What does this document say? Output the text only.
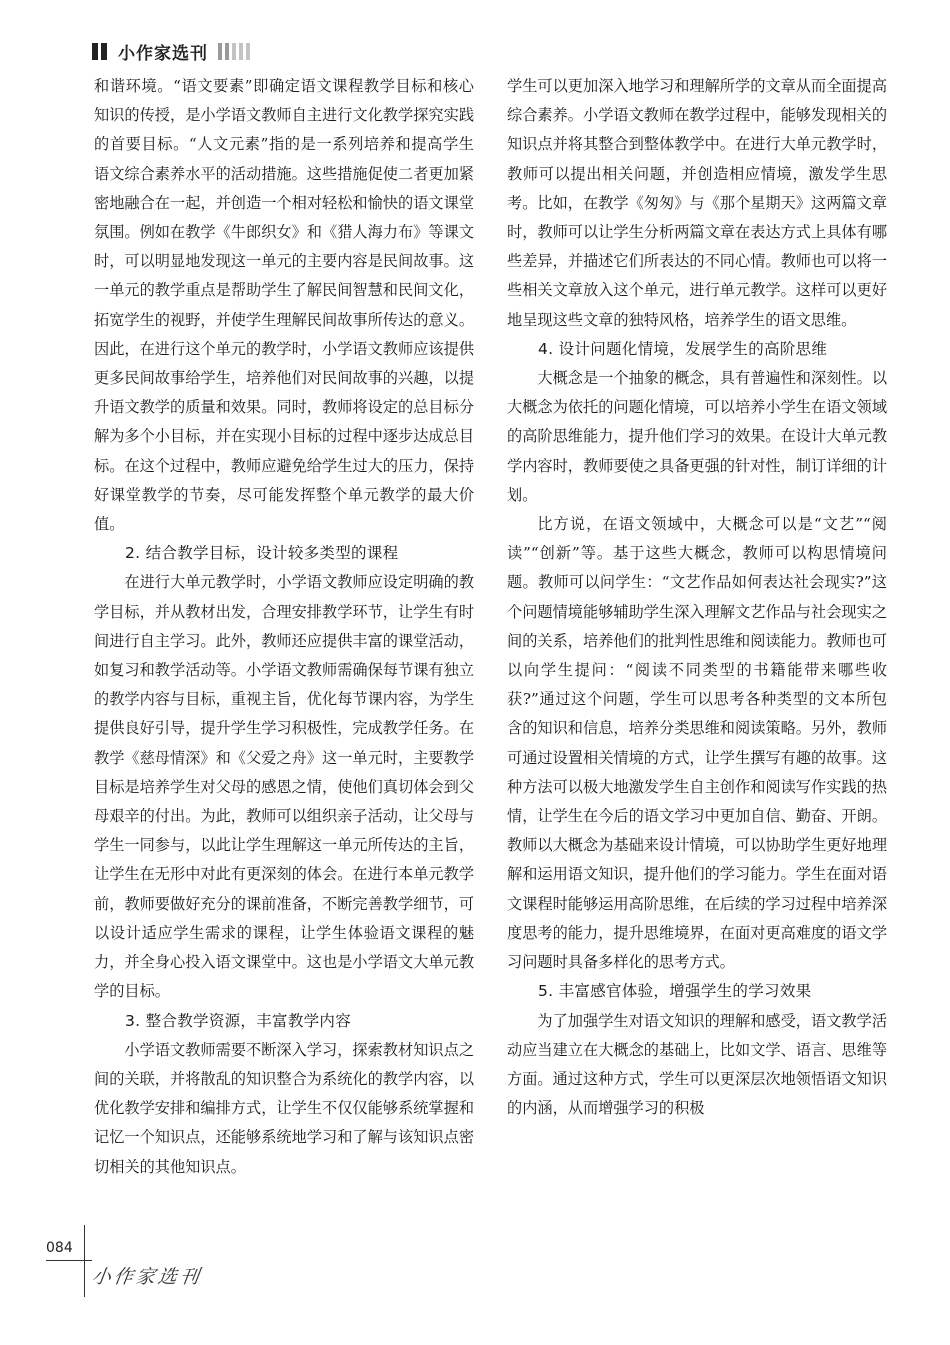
小作家选刊

和谐环境。“语文要素”即确定语文课程教学目标和核心知识的传授，是小学语文教师自主进行文化教学探究实践的首要目标。“人文元素”指的是一系列培养和提高学生语文综合素养水平的活动措施。这些措施促使二者更加紧密地融合在一起，并创造一个相对轻松和愉快的语文课堂氛围。例如在教学《牛郎织女》和《猎人海力布》等课文时，可以明显地发现这一单元的主要内容是民间故事。这一单元的教学重点是帮助学生了解民间智慧和民间文化，拓宽学生的视野，并使学生理解民间故事所传达的意义。因此，在进行这个单元的教学时，小学语文教师应该提供更多民间故事给学生，培养他们对民间故事的兴趣，以提升语文教学的质量和效果。同时，教师将设定的总目标分解为多个小目标，并在实现小目标的过程中逐步达成总目标。在这个过程中，教师应避免给学生过大的压力，保持好课堂教学的节奏，尽可能发挥整个单元教学的最大价值。

2. 结合教学目标，设计较多类型的课程

在进行大单元教学时，小学语文教师应设定明确的教学目标，并从教材出发，合理安排教学环节，让学生有时间进行自主学习。此外，教师还应提供丰富的课堂活动，如复习和教学活动等。小学语文教师需确保每节课有独立的教学内容与目标，重视主旨，优化每节课内容，为学生提供良好引导，提升学生学习积极性，完成教学任务。在教学《慈母情深》和《父爱之舟》这一单元时，主要教学目标是培养学生对父母的感恩之情，使他们真切体会到父母艰辛的付出。为此，教师可以组织亲子活动，让父母与学生一同参与，以此让学生理解这一单元所传达的主旨，让学生在无形中对此有更深刻的体会。在进行本单元教学前，教师要做好充分的课前准备，不断完善教学细节，可以设计适应学生需求的课程，让学生体验语文课程的魅力，并全身心投入语文课堂中。这也是小学语文大单元教学的目标。

3. 整合教学资源，丰富教学内容

小学语文教师需要不断深入学习，探索教材知识点之间的关联，并将散乱的知识整合为系统化的教学内容，以优化教学安排和编排方式，让学生不仅仅能够系统掌握和记忆一个知识点，还能够系统地学习和了解与该知识点密切相关的其他知识点。

学生可以更加深入地学习和理解所学的文章从而全面提高综合素养。小学语文教师在教学过程中，能够发现相关的知识点并将其整合到整体教学中。在进行大单元教学时，教师可以提出相关问题，并创造相应情境，激发学生思考。比如，在教学《匆匆》与《那个星期天》这两篇文章时，教师可以让学生分析两篇文章在表达方式上具体有哪些差异，并描述它们所表达的不同心情。教师也可以将一些相关文章放入这个单元，进行单元教学。这样可以更好地呈现这些文章的独特风格，培养学生的语文思维。

4. 设计问题化情境，发展学生的高阶思维

大概念是一个抽象的概念，具有普遍性和深刻性。以大概念为依托的问题化情境，可以培养小学生在语文领域的高阶思维能力，提升他们学习的效果。在设计大单元教学内容时，教师要使之具备更强的针对性，制订详细的计划。

比方说，在语文领域中，大概念可以是“文艺”“阅读”“创新”等。基于这些大概念，教师可以构思情境问题。教师可以问学生：“文艺作品如何表达社会现实?”这个问题情境能够辅助学生深入理解文艺作品与社会现实之间的关系，培养他们的批判性思维和阅读能力。教师也可以向学生提问：“阅读不同类型的书籍能带来哪些收获?”通过这个问题，学生可以思考各种类型的文本所包含的知识和信息，培养分类思维和阅读策略。另外，教师可通过设置相关情境的方式，让学生撰写有趣的故事。这种方法可以极大地激发学生自主创作和阅读写作实践的热情，让学生在今后的语文学习中更加自信、勤奋、开朗。教师以大概念为基础来设计情境，可以协助学生更好地理解和运用语文知识，提升他们的学习能力。学生在面对语文课程时能够运用高阶思维，在后续的学习过程中培养深度思考的能力，提升思维境界，在面对更高难度的语文学习问题时具备多样化的思考方式。

5. 丰富感官体验，增强学生的学习效果

为了加强学生对语文知识的理解和感受，语文教学活动应当建立在大概念的基础上，比如文学、语言、思维等方面。通过这种方式，学生可以更深层次地领悟语文知识的内涵，从而增强学习的积极

084
小作家选刊
